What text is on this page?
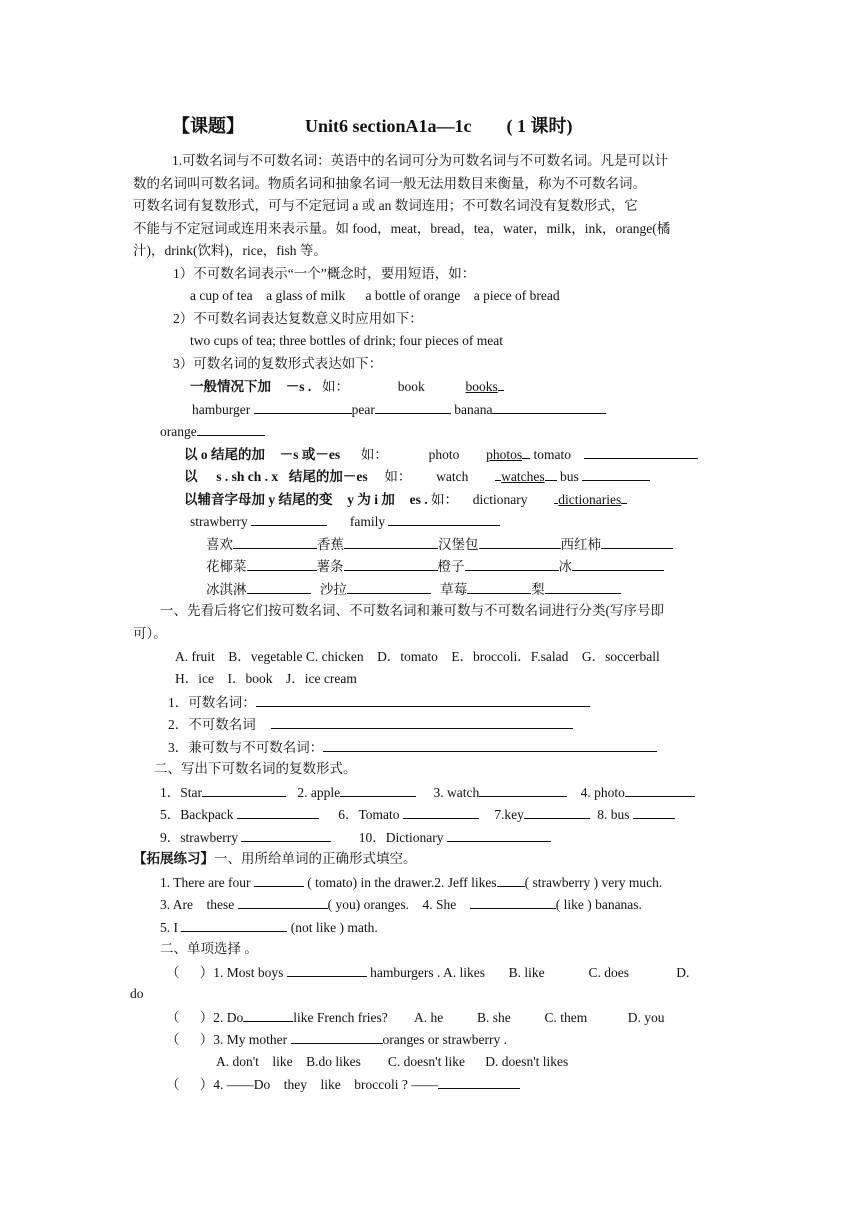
【课题】	Unit6 sectionA1a—1c ( 1 课时)
1.可数名词与不可数名词：英语中的名词可分为可数名词与不可数名词。凡是可以计
数的名词叫可数名词。物质名词和抽象名词一般无法用数目来衡量，称为不可数名词。
可数名词有复数形式，可与不定冠词 a 或 an 数词连用；不可数名词没有复数形式，它
不能与不定冠词或连用来表示量。如 food，meat，bread，tea，water，milk，ink，orange(橘
汁)，drink(饮料)，rice，fish 等。
1）不可数名词表示“一个”概念时，要用短语，如：
a cup of tea    a glass of milk      a bottle of orange    a piece of bread
2）不可数名词表达复数意义时应用如下：
two cups of tea; three bottles of drink; four pieces of meat
3）可数名词的复数形式表达如下：
一般情况下加 －s . 如：	book	books
hamburger	pear	banana
orange
以 o 结尾的加 －s 或－es 如：	photo photos tomato
以 s . sh ch . x 结尾的加－es 如： watch watches bus
以辅音字母加 y 结尾的变 y 为 i 加 es . 如： dictionary dictionaries
strawberry	family
喜欢	香蕉	汉堡包	西红柿
花椰菜	薯条	橙子	冰
冰淇淋	沙拉	草莓	梨
一、先看后将它们按可数名词、不可数名词和兼可数与不可数名词进行分类(写序号即
可）。
A. fruit    B．vegetable C. chicken    D．tomato    E．broccoli．F.salad    G．soccerball
H．ice    I．book    J．ice cream
1．可数名词：
2．不可数名词
3．兼可数与不可数名词：
二、写出下可数名词的复数形式。
1．Star	2. apple	3. watch	4. photo
5．Backpack	6．Tomato	7.key	8. bus
9．strawberry	10．Dictionary
【拓展练习】一、用所给单词的正确形式填空。
1. There are four	( tomato) in the drawer.2. Jeff likes ( strawberry ) very much.
3. Are    these	( you) oranges.    4. She	( like ) bananas.
5. I	(not like ) math.
二、单项选择 。
（      ）1. Most boys	hamburgers . A. likes B. like	C. does	D.
do
（      ）2. Do	like French fries? A. he	B. she	C. them	D. you
（      ）3. My mother	oranges or strawberry .
A. don't    like    B.do likes        C. doesn't like      D. doesn't likes
（      ）4. ——Do    they    like    broccoli ? ——
